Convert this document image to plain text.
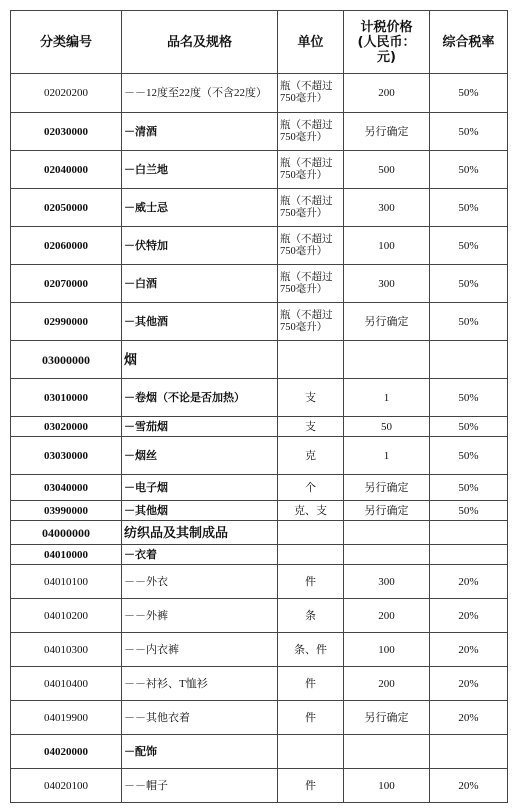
分类编号	品名及规格	单位	计税价格
(人民币：
元)	综合税率
02020200	－－12度至22度（不含22度）	瓶（不超过750毫升）	200	50%
02030000	－清酒	瓶（不超过750毫升）	另行确定	50%
02040000	－白兰地	瓶（不超过750毫升）	500	50%
02050000	－威士忌	瓶（不超过750毫升）	300	50%
02060000	－伏特加	瓶（不超过750毫升）	100	50%
02070000	－白酒	瓶（不超过750毫升）	300	50%
02990000	－其他酒	瓶（不超过750毫升）	另行确定	50%
03000000	烟			
03010000	－卷烟（不论是否加热）	支	1	50%
03020000	－雪茄烟	支	50	50%
03030000	－烟丝	克	1	50%
03040000	－电子烟	个	另行确定	50%
03990000	－其他烟	克、支	另行确定	50%
04000000	纺织品及其制成品			
04010000	－衣着			
04010100	－－外衣	件	300	20%
04010200	－－外裤	条	200	20%
04010300	－－内衣裤	条、件	100	20%
04010400	－－衬衫、T恤衫	件	200	20%
04019900	－－其他衣着	件	另行确定	20%
04020000	－配饰			
04020100	－－帽子	件	100	20%
